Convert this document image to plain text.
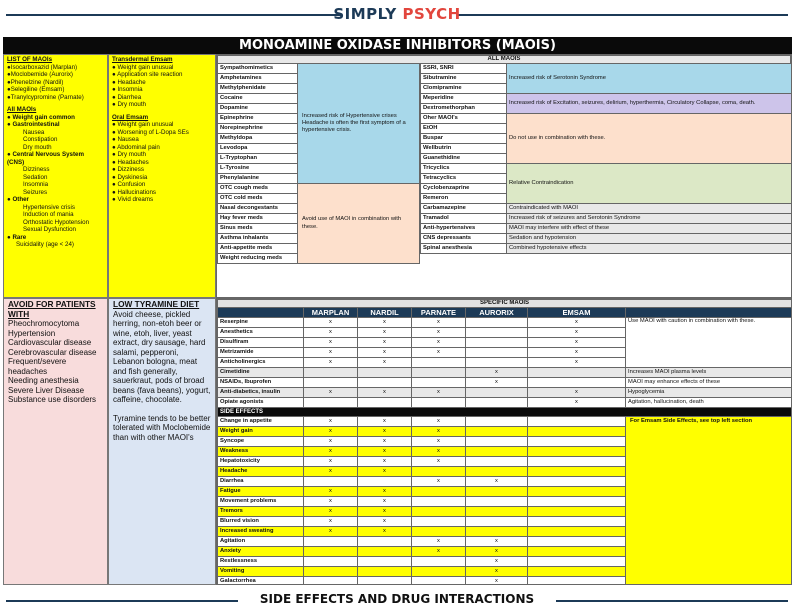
SIMPLY PSYCH
MONOAMINE OXIDASE INHIBITORS (MAOIS)
LIST OF MAOIs
●Isocarboxazid (Marplan)
●Moclobemide (Aurorix)
●Phenelzine (Nardil)
●Selegiline (Emsam)
●Tranylcypromine (Parnate)
All MAOIs
● Weight gain common
● Gastrointestinal
Nausea
Constipation
Dry mouth
● Central Nervous System
(CNS)
Dizziness
Sedation
Insomnia
Seizures
● Other
Hypertensive crisis
Induction of mania
Orthostatic Hypotension
Sexual Dysfunction
● Rare
Suicidality (age < 24)
Transdermal Emsam
● Weight gain unusual
● Application site reaction
● Headache
● Insomnia
● Diarrhea
● Dry mouth
Oral Emsam
● Weight gain unusual
● Worsening of L-Dopa SEs
● Nausea
● Abdominal pain
● Dry mouth
● Headaches
● Dizziness
● Dyskinesia
● Confusion
● Hallucinations
● Vivid dreams
AVOID FOR PATIENTS WITH
Pheochromocytoma
Hypertension
Cardiovascular disease
Cerebrovascular disease
Frequent/severe headaches
Needing anesthesia
Severe Liver Disease
Substance use disorders
LOW TYRAMINE DIET
Avoid cheese, pickled herring, non-etoh beer or wine, etoh, liver, yeast extract, dry sausage, hard salami, pepperoni, Lebanon bologna, meat and fish generally, sauerkraut, pods of broad beans (fava beans), yogurt, caffeine, chocolate.
Tyramine tends to be better tolerated with Moclobemide than with other MAOI's
ALL MAOIS
Sympathomimetics	Increased risk of Hypertensive crises Headache is often the first symptom of a hypertensive crisis.
Amphetamines	
Methylphenidate	
Cocaine	
Dopamine	
Epinephrine	
Norepinephrine	
Methyldopa	
Levodopa	
L-Tryptophan	
L-Tyrosine	
Phenylalanine	
OTC cough meds	Avoid use of MAOI in combination with these.
OTC cold meds	
Nasal decongestants	
Hay fever meds	
Sinus meds	
Asthma inhalants	
Anti-appetite meds	
Weight reducing meds	
SSRI, SNRI	Increased risk of Serotonin Syndrome
Sibutramine	
Clomipramine	
Meperidine	Increased risk of Excitation, seizures, delirium, hyperthermia, Circulatory Collapse, coma, death.
Dextromethorphan	
Oher MAOI's	Do not use in combination with these.
EtOH	
Buspar	
Wellbutrin	
Guanethidine	
Tricyclics	Relative Contraindication
Tetracyclics	
Cyclobenzaprine	
Remeron	
Carbamazepine	Contraindicated with MAOI
Tramadol	Increased risk of seizures and Serotonin Syndrome
Anti-hypertensives	MAOI may interfere with effect of these
CNS depressants	Sedation and hypotension
Spinal anesthesia	Combined hypotensive effects
SPECIFIC MAOIS						
	MARPLAN	NARDIL	PARNATE	AURORIX	EMSAM	
Reserpine	x	x	x		x	Use MAOI with caution in combination with these.
Anesthetics	x	x	x		x	
Disulfiram	x	x	x		x	
Metrizamide	x	x	x		x	
Anticholinergics	x	x			x	
Cimetidine				x		Increases MAOI plasma levels
NSAIDs, Ibuprofen				x		MAOI may enhance effects of these
Anti-diabetics, insulin	x	x	x		x	Hypoglycemia
Opiate agonists					x	Agitation, hallucination, death
SIDE EFFECTS						
Change in appetite	x	x	x			For Emsam Side Effects, see top left section
Weight gain	x	x	x			
Syncope	x	x	x			
Weakness	x	x	x			
Hepatotoxicity	x	x	x			
Headache	x	x				
Diarrhea			x	x		
Fatigue	x	x				
Movement problems	x	x				
Tremors	x	x				
Blurred vision	x	x				
Increased sweating	x	x				
Agitation			x	x		
Anxiety			x	x		
Restlessness				x		
Vomiting				x		
Galactorrhea				x		
SIDE EFFECTS AND DRUG INTERACTIONS
